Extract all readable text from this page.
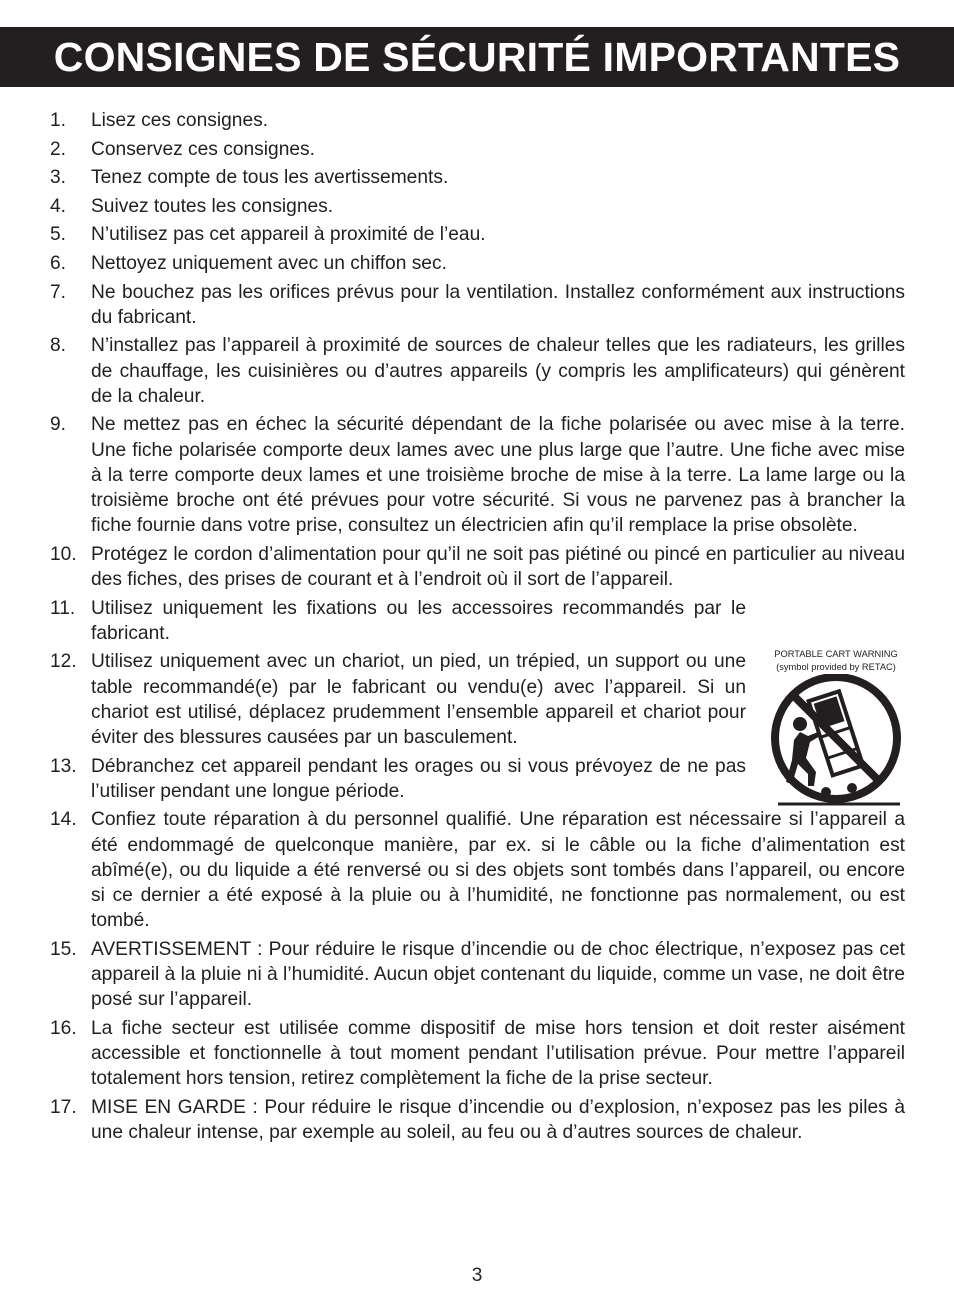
CONSIGNES DE SÉCURITÉ IMPORTANTES
1. Lisez ces consignes.
2. Conservez ces consignes.
3. Tenez compte de tous les avertissements.
4. Suivez toutes les consignes.
5. N’utilisez pas cet appareil à proximité de l’eau.
6. Nettoyez uniquement avec un chiffon sec.
7. Ne bouchez pas les orifices prévus pour la ventilation. Installez conformément aux instructions du fabricant.
8. N’installez pas l’appareil à proximité de sources de chaleur telles que les radiateurs, les grilles de chauffage, les cuisinières ou d’autres appareils (y compris les amplificateurs) qui génèrent de la chaleur.
9. Ne mettez pas en échec la sécurité dépendant de la fiche polarisée ou avec mise à la terre. Une fiche polarisée comporte deux lames avec une plus large que l’autre. Une fiche avec mise à la terre comporte deux lames et une troisième broche de mise à la terre. La lame large ou la troisième broche ont été prévues pour votre sécurité. Si vous ne parvenez pas à brancher la fiche fournie dans votre prise, consultez un électricien afin qu’il remplace la prise obsolète.
10. Protégez le cordon d’alimentation pour qu’il ne soit pas piétiné ou pincé en particulier au niveau des fiches, des prises de courant et à l’endroit où il sort de l’appareil.
11. Utilisez uniquement les fixations ou les accessoires recommandés par le fabricant.
12. Utilisez uniquement avec un chariot, un pied, un trépied, un support ou une table recommandé(e) par le fabricant ou vendu(e) avec l’appareil. Si un chariot est utilisé, déplacez prudemment l’ensemble appareil et chariot pour éviter des blessures causées par un basculement.
13. Débranchez cet appareil pendant les orages ou si vous prévoyez de ne pas l’utiliser pendant une longue période.
14. Confiez toute réparation à du personnel qualifié. Une réparation est nécessaire si l’appareil a été endommagé de quelconque manière, par ex. si le câble ou la fiche d’alimentation est abîmé(e), ou du liquide a été renversé ou si des objets sont tombés dans l’appareil, ou encore si ce dernier a été exposé à la pluie ou à l’humidité, ne fonctionne pas normalement, ou est tombé.
15. AVERTISSEMENT : Pour réduire le risque d’incendie ou de choc électrique, n’exposez pas cet appareil à la pluie ni à l’humidité. Aucun objet contenant du liquide, comme un vase, ne doit être posé sur l’appareil.
16. La fiche secteur est utilisée comme dispositif de mise hors tension et doit rester aisément accessible et fonctionnelle à tout moment pendant l’utilisation prévue. Pour mettre l’appareil totalement hors tension, retirez complètement la fiche de la prise secteur.
17. MISE EN GARDE : Pour réduire le risque d’incendie ou d’explosion, n’exposez pas les piles à une chaleur intense, par exemple au soleil, au feu ou à d’autres sources de chaleur.
PORTABLE CART WARNING
(symbol provided by RETAC)
3
